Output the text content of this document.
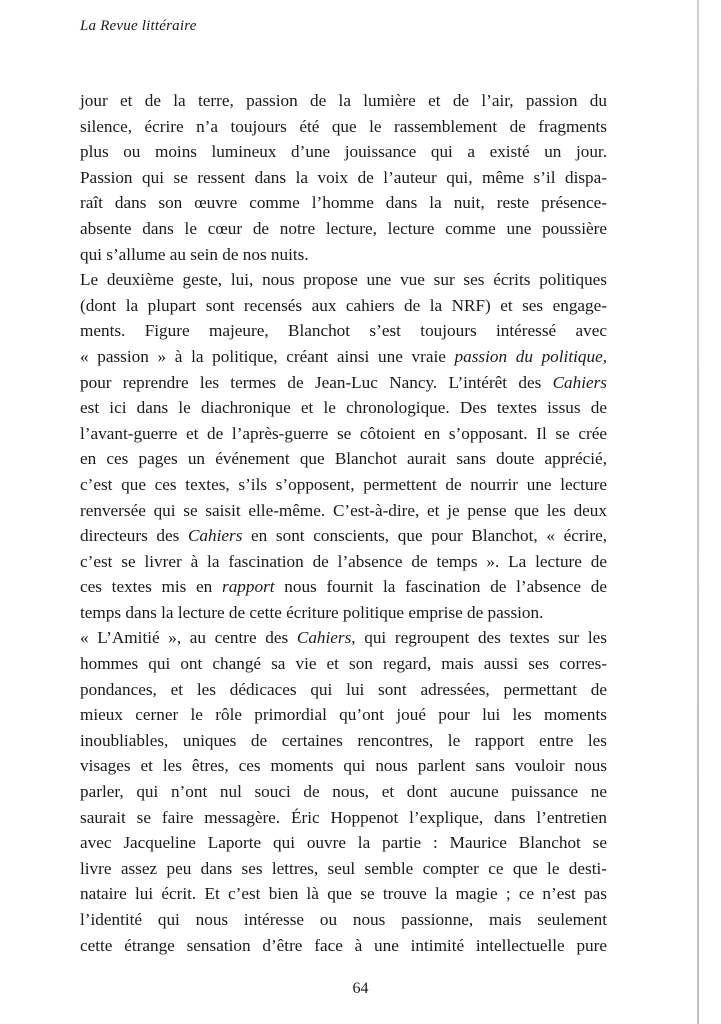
La Revue littéraire
jour et de la terre, passion de la lumière et de l’air, passion du
silence, écrire n’a toujours été que le rassemblement de fragments
plus ou moins lumineux d’une jouissance qui a existé un jour.
Passion qui se ressent dans la voix de l’auteur qui, même s’il dispa-
raît dans son œuvre comme l’homme dans la nuit, reste présence-
absente dans le cœur de notre lecture, lecture comme une poussière
qui s’allume au sein de nos nuits.
Le deuxième geste, lui, nous propose une vue sur ses écrits politiques
(dont la plupart sont recensés aux cahiers de la NRF) et ses engage-
ments. Figure majeure, Blanchot s’est toujours intéressé avec
« passion » à la politique, créant ainsi une vraie passion du politique,
pour reprendre les termes de Jean-Luc Nancy. L’intérêt des Cahiers
est ici dans le diachronique et le chronologique. Des textes issus de
l’avant-guerre et de l’après-guerre se côtoient en s’opposant. Il se crée
en ces pages un événement que Blanchot aurait sans doute apprécié,
c’est que ces textes, s’ils s’opposent, permettent de nourrir une lecture
renversée qui se saisit elle-même. C’est-à-dire, et je pense que les deux
directeurs des Cahiers en sont conscients, que pour Blanchot, « écrire,
c’est se livrer à la fascination de l’absence de temps ». La lecture de
ces textes mis en rapport nous fournit la fascination de l’absence de
temps dans la lecture de cette écriture politique emprise de passion.
« L’Amitié », au centre des Cahiers, qui regroupent des textes sur les
hommes qui ont changé sa vie et son regard, mais aussi ses corres-
pondances, et les dédicaces qui lui sont adressées, permettant de
mieux cerner le rôle primordial qu’ont joué pour lui les moments
inoubliables, uniques de certaines rencontres, le rapport entre les
visages et les êtres, ces moments qui nous parlent sans vouloir nous
parler, qui n’ont nul souci de nous, et dont aucune puissance ne
saurait se faire messagère. Éric Hoppenot l’explique, dans l’entretien
avec Jacqueline Laporte qui ouvre la partie : Maurice Blanchot se
livre assez peu dans ses lettres, seul semble compter ce que le desti-
nataire lui écrit. Et c’est bien là que se trouve la magie ; ce n’est pas
l’identité qui nous intéresse ou nous passionne, mais seulement
cette étrange sensation d’être face à une intimité intellectuelle pure
64
